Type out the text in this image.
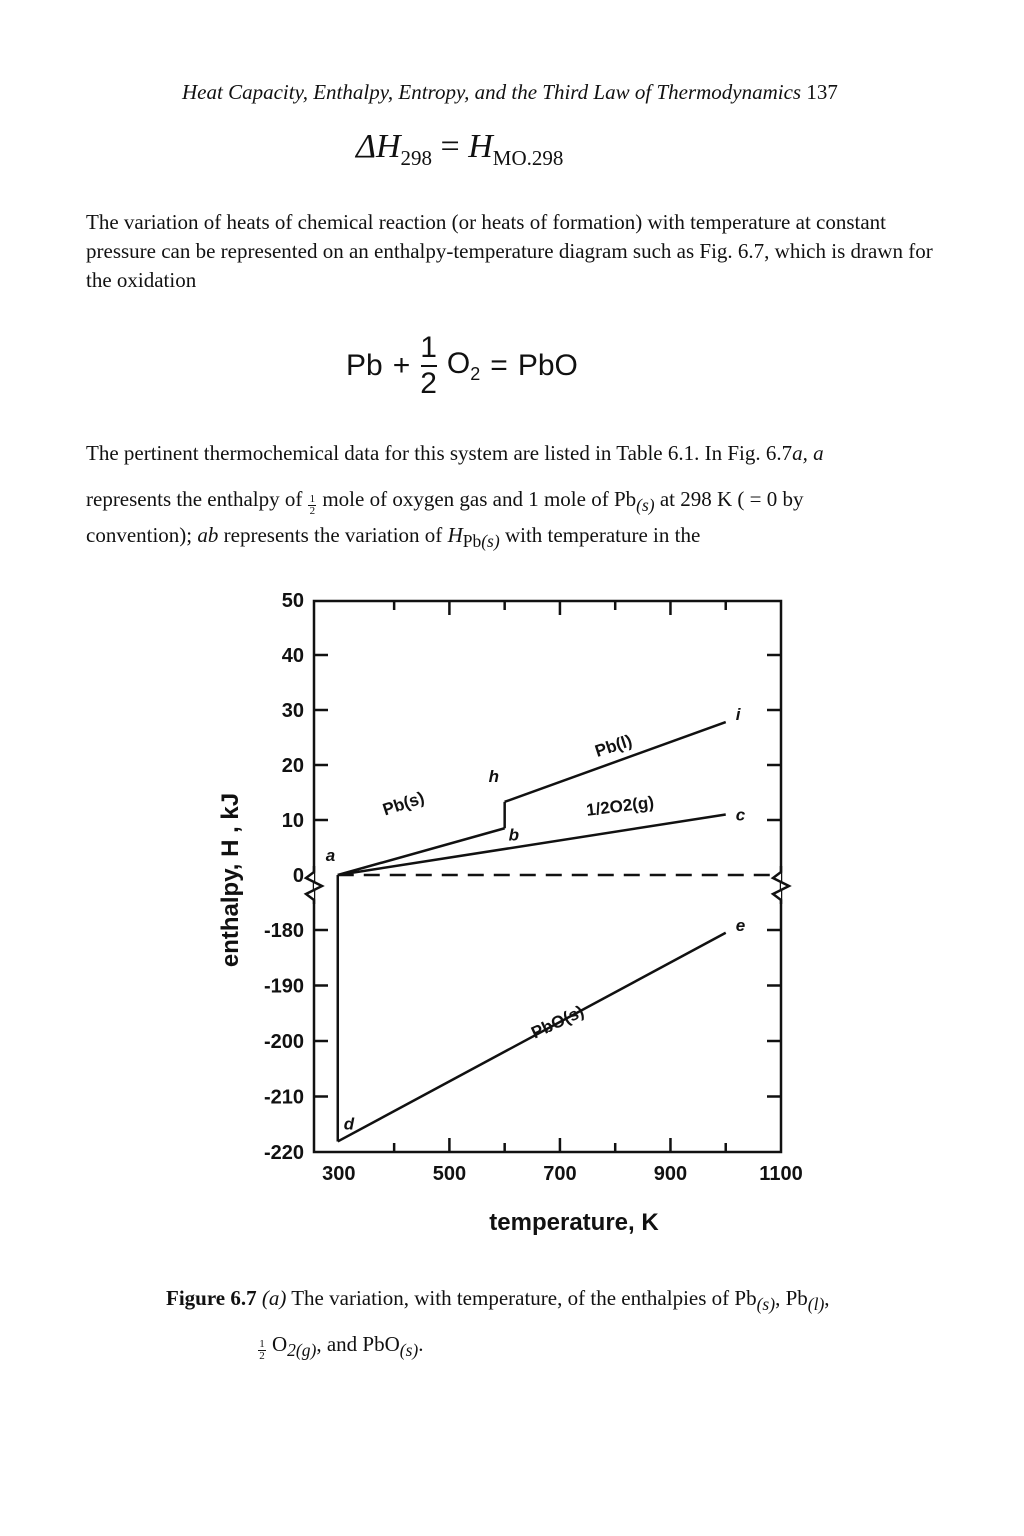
Heat Capacity, Enthalpy, Entropy, and the Third Law of Thermodynamics 137
$\Delta H_{298} = H_{MO.298}$
The variation of heats of chemical reaction (or heats of formation) with temperature at constant pressure can be represented on an enthalpy-temperature diagram such as Fig. 6.7, which is drawn for the oxidation
$Pb + \frac{1}{2} O_2$ = PbO
The pertinent thermochemical data for this system are listed in Table 6.1. In Fig. 6.7a, a
represents the enthalpy of $\frac{1}{2}$ mole of oxygen gas and 1 mole of $Pb_{(s)}$ at 298 K ( = 0 by
convention); ab represents the variation of $H_{Pb(s)}$ with temperature in the
300	500	700	900	1100
0
10
20
30
40
50
-220
-210
-200
-190
-180
a
b
h
i
c
d
e
Pb(s)
Pb(l)
1/2O2(g)
PbO(s)
temperature, K
enthalpy, H , kJ
Figure 6.7 (a) The variation, with temperature, of the enthalpies of $Pb_{(s)}$, $Pb_{(l)}$,
$\frac{1}{2} O_{2(g)}$, and PbO$_{(s)}$.
